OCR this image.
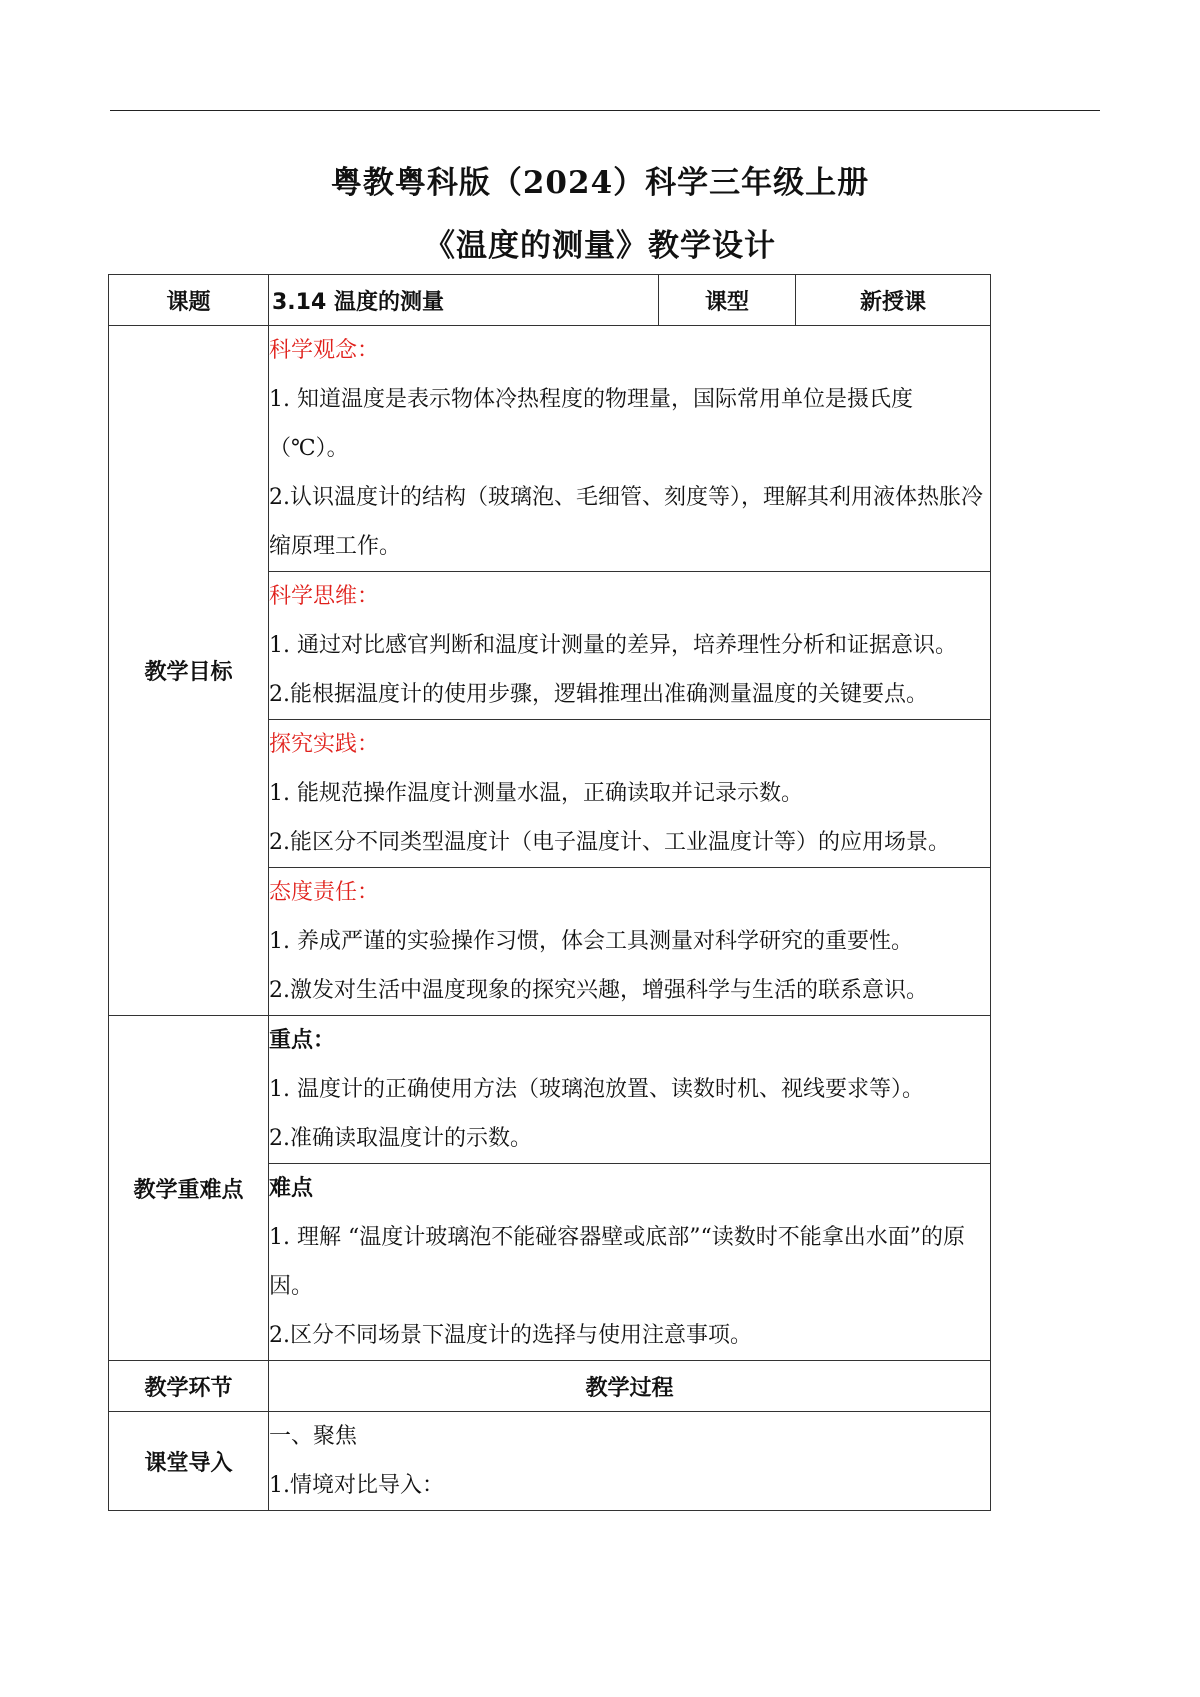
粤教粤科版（2024）科学三年级上册
《温度的测量》教学设计
课题	3.14 温度的测量	课型	新授课
教学目标	科学观念：

1. 知道温度是表示物体冷热程度的物理量，国际常用单位是摄氏度（℃）。

2.认识温度计的结构（玻璃泡、毛细管、刻度等），理解其利用液体热胀冷缩原理工作。		

	科学思维：

1. 通过对比感官判断和温度计测量的差异，培养理性分析和证据意识。

2.能根据温度计的使用步骤，逻辑推理出准确测量温度的关键要点。		

	探究实践：

1. 能规范操作温度计测量水温，正确读取并记录示数。

2.能区分不同类型温度计（电子温度计、工业温度计等）的应用场景。		

	态度责任：

1. 养成严谨的实验操作习惯，体会工具测量对科学研究的重要性。

2.激发对生活中温度现象的探究兴趣，增强科学与生活的联系意识。		

教学重难点	重点：

1. 温度计的正确使用方法（玻璃泡放置、读数时机、视线要求等）。

2.准确读取温度计的示数。		

	难点

1. 理解 “温度计玻璃泡不能碰容器壁或底部”“读数时不能拿出水面”的原因。

2.区分不同场景下温度计的选择与使用注意事项。		

教学环节	教学过程		
课堂导入	一、聚焦

1.情境对比导入：		
